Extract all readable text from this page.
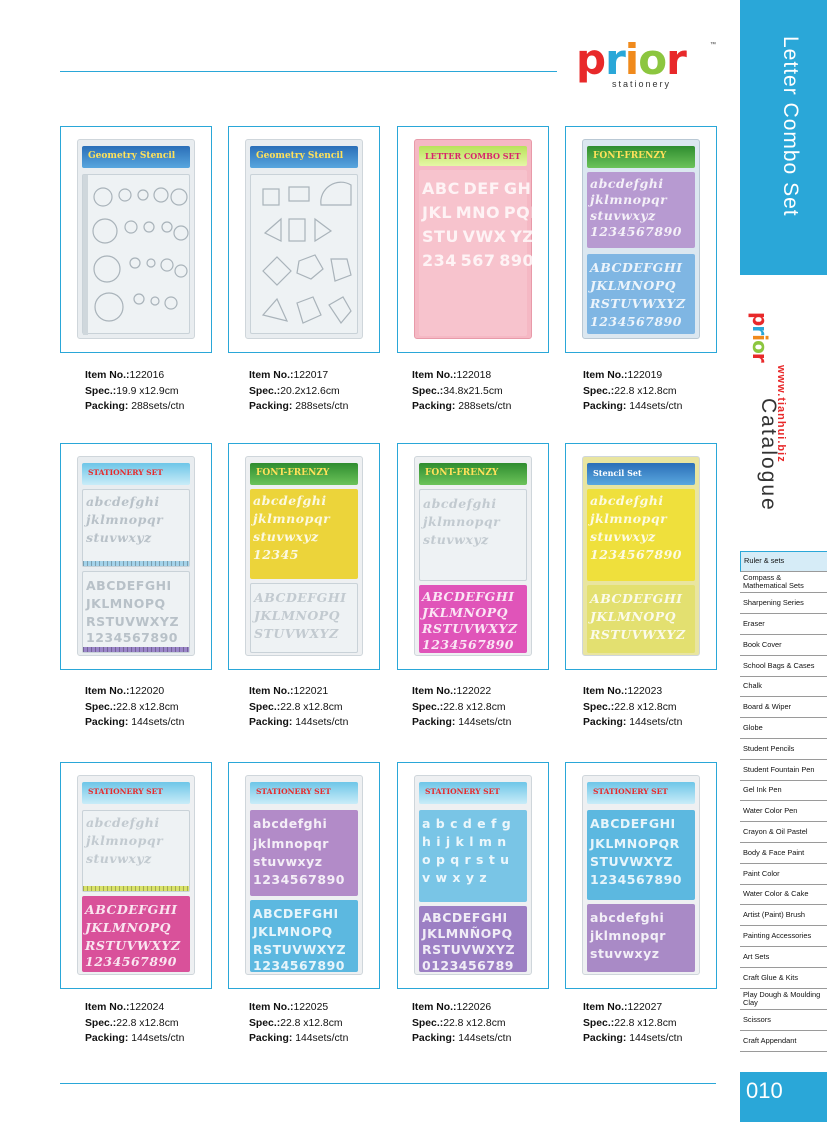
prior	™
stationery	Letter Combo Set
prior
www.tianhui.biz
Catalogue
Ruler & sets
Compass & Mathematical Sets
Sharpening Series
Eraser
Book Cover
School Bags & Cases
Chalk
Board & Wiper
Globe
Student Pencils
Student Fountain Pen
Gel Ink Pen
Water Color Pen
Crayon & Oil Pastel
Body & Face Paint
Paint Color
Water Color & Cake
Artist (Paint) Brush
Painting Accessories
Art Sets
Craft Glue & Kits
Play Dough & Moulding Clay
Scissors
Craft Appendant
010
Geometry Stencil
Item No.:122016
Spec.:19.9 x12.9cm
Packing: 288sets/ctn
Geometry Stencil
Item No.:122017
Spec.:20.2x12.6cm
Packing: 288sets/ctn
LETTER COMBO SET
ABC DEF GHI
JKL MNO PQR
STU VWX YZ1
234 567 890
Item No.:122018
Spec.:34.8x21.5cm
Packing: 288sets/ctn
FONT-FRENZY
abcdefghi
jklmnopqr
stuvwxyz
1234567890
ABCDEFGHI
JKLMNOPQ
RSTUVWXYZ
1234567890
Item No.:122019
Spec.:22.8 x12.8cm
Packing: 144sets/ctn
STATIONERY SET
abcdefghi
jklmnopqr
stuvwxyz
ABCDEFGHI
JKLMNOPQ
RSTUVWXYZ
1234567890
Item No.:122020
Spec.:22.8 x12.8cm
Packing: 144sets/ctn
FONT-FRENZY
abcdefghi
jklmnopqr
stuvwxyz
12345
ABCDEFGHI
JKLMNOPQ
STUVWXYZ
Item No.:122021
Spec.:22.8 x12.8cm
Packing: 144sets/ctn
FONT-FRENZY
abcdefghi
jklmnopqr
stuvwxyz
ABCDEFGHI
JKLMNOPQ
RSTUVWXYZ
1234567890
Item No.:122022
Spec.:22.8 x12.8cm
Packing: 144sets/ctn
Stencil Set
abcdefghi
jklmnopqr
stuvwxyz
1234567890
ABCDEFGHI
JKLMNOPQ
RSTUVWXYZ
Item No.:122023
Spec.:22.8 x12.8cm
Packing: 144sets/ctn
STATIONERY SET
abcdefghi
jklmnopqr
stuvwxyz
ABCDEFGHI
JKLMNOPQ
RSTUVWXYZ
1234567890
Item No.:122024
Spec.:22.8 x12.8cm
Packing: 144sets/ctn
STATIONERY SET
abcdefghi
jklmnopqr
stuvwxyz
1234567890
ABCDEFGHI
JKLMNOPQ
RSTUVWXYZ
1234567890
Item No.:122025
Spec.:22.8 x12.8cm
Packing: 144sets/ctn
STATIONERY SET
a b c d e f g
h i j k l m n
o p q r s t u
v w x y z
ABCDEFGHI
JKLMNÑOPQ
RSTUVWXYZ
0123456789
Item No.:122026
Spec.:22.8 x12.8cm
Packing: 144sets/ctn
STATIONERY SET
ABCDEFGHI
JKLMNOPQR
STUVWXYZ
1234567890
abcdefghi
jklmnopqr
stuvwxyz
Item No.:122027
Spec.:22.8 x12.8cm
Packing: 144sets/ctn
